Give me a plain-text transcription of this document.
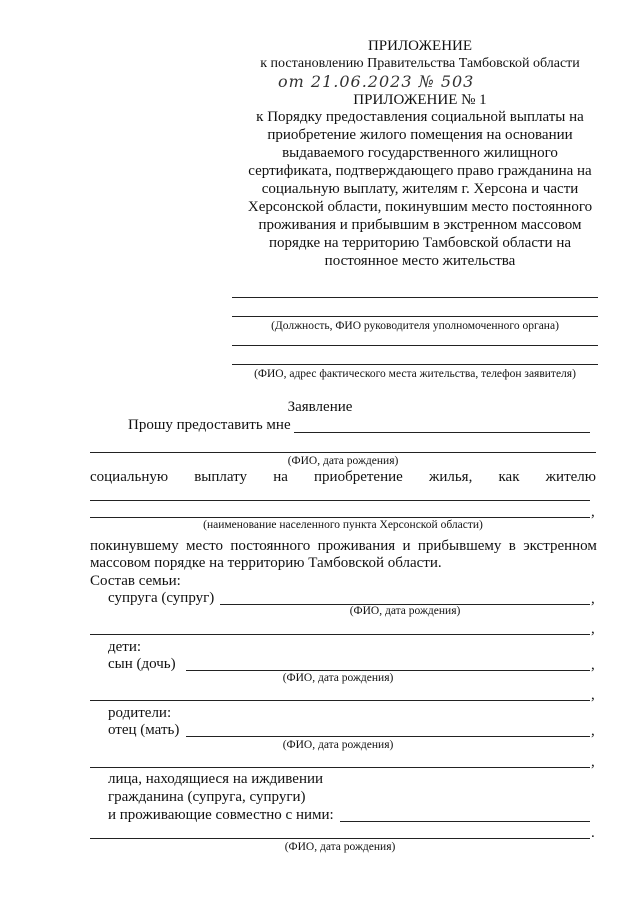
ПРИЛОЖЕНИЕ
к постановлению Правительства Тамбовской области
от 21.06.2023 № 503
ПРИЛОЖЕНИЕ № 1
к Порядку предоставления социальной выплаты на
приобретение жилого помещения на основании
выдаваемого государственного жилищного
сертификата, подтверждающего право гражданина на
социальную выплату, жителям г. Херсона и части
Херсонской области, покинувшим место постоянного
проживания и прибывшим в экстренном массовом
порядке на территорию Тамбовской области на
постоянное место жительства
(Должность, ФИО руководителя уполномоченного органа)
(ФИО, адрес фактического места жительства, телефон заявителя)
Заявление
Прошу предоставить мне
(ФИО, дата рождения)
социальную выплату на приобретение жилья, как жителю
,
(наименование населенного пункта Херсонской области)
покинувшему место постоянного проживания и прибывшему в экстренном
массовом порядке на территорию Тамбовской области.
Состав семьи:
супруга (супруг)	,
(ФИО, дата рождения)
,
дети:
сын (дочь)	,
(ФИО, дата рождения)
,
родители:
отец (мать)	,
(ФИО, дата рождения)
,
лица, находящиеся на иждивении
гражданина (супруга, супруги)
и проживающие совместно с ними:
.
(ФИО, дата рождения)
